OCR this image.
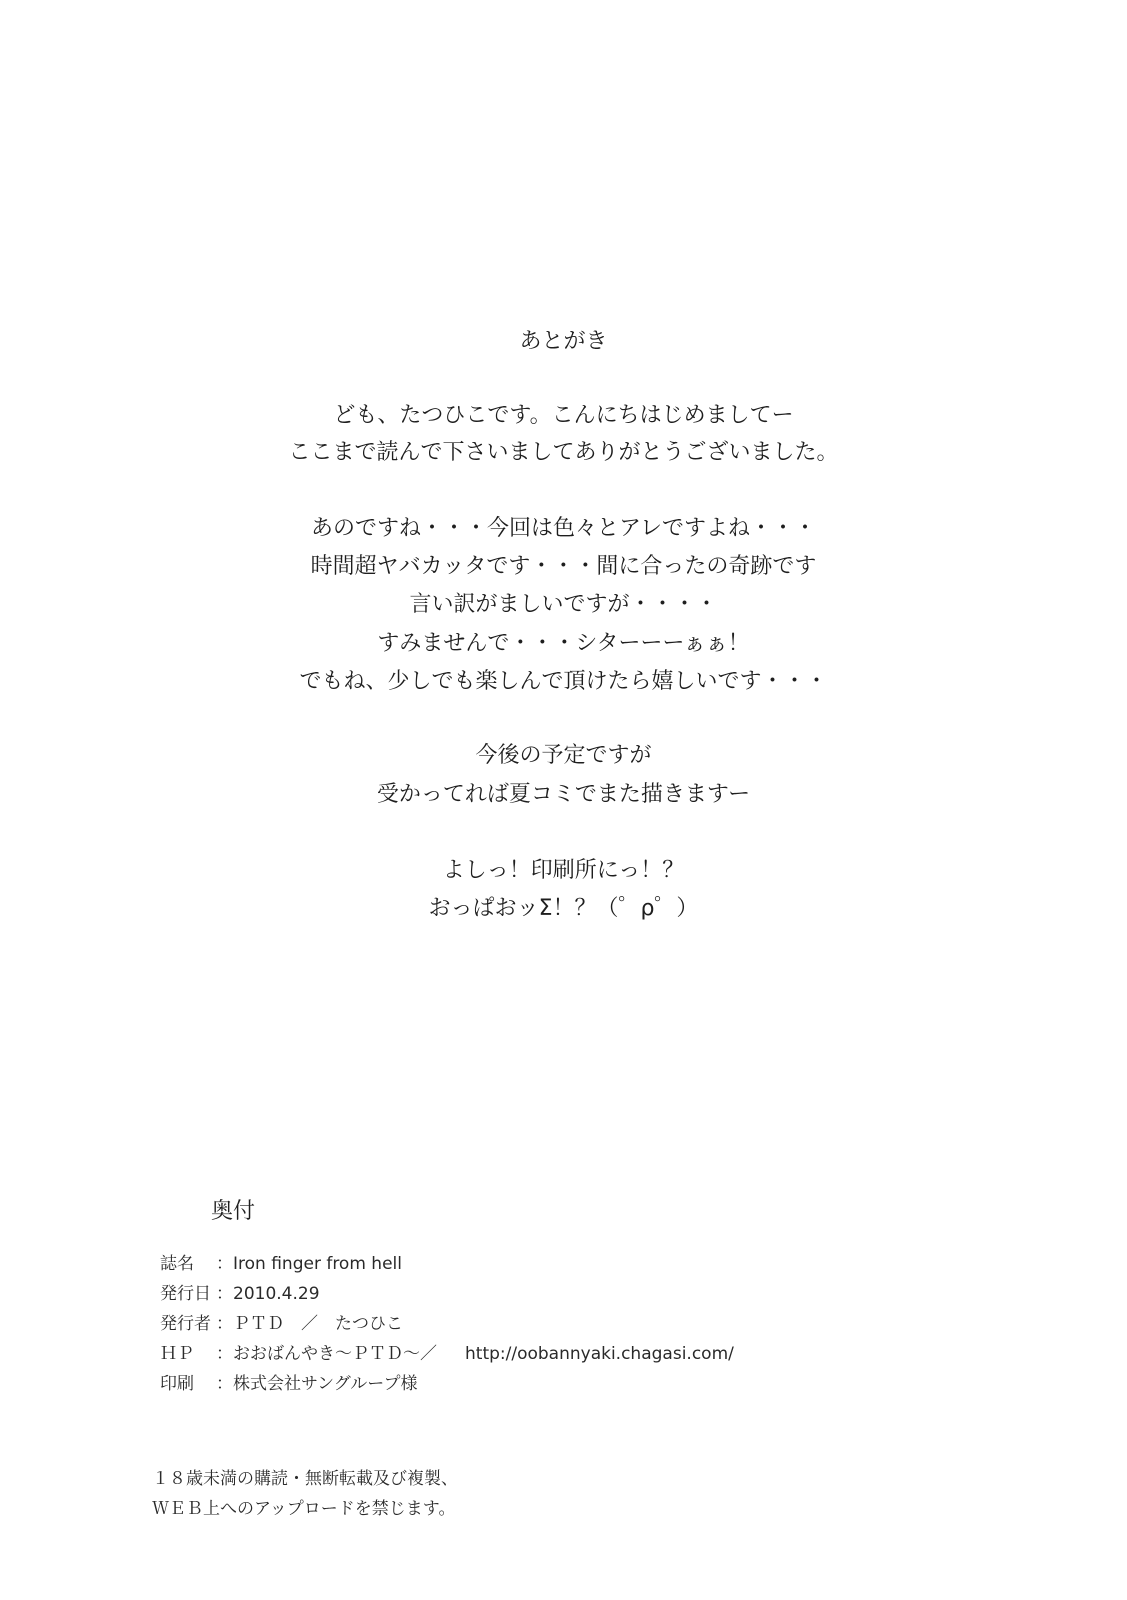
あとがき
ども、たつひこです。こんにちはじめましてー
ここまで読んで下さいましてありがとうございました。
あのですね・・・今回は色々とアレですよね・・・
時間超ヤバカッタです・・・間に合ったの奇跡です
言い訳がましいですが・・・・
すみませんで・・・シターーーぁぁ！
でもね、少しでも楽しんで頂けたら嬉しいです・・・
今後の予定ですが
受かってれば夏コミでまた描きますー
よしっ！印刷所にっ！？
おっぱおッΣ！？（゜ρ゜）
奥付
誌名 ：Iron finger from hell
発行日 ：2010.4.29
発行者 ：ＰＴＤ　／　たつひこ
ＨＰ ：おおばんやき～ＰＴＤ～／ http://oobannyaki.chagasi.com/
印刷 ：株式会社サングループ様
１８歳未満の購読・無断転載及び複製、
ＷＥＢ上へのアップロードを禁じます。
